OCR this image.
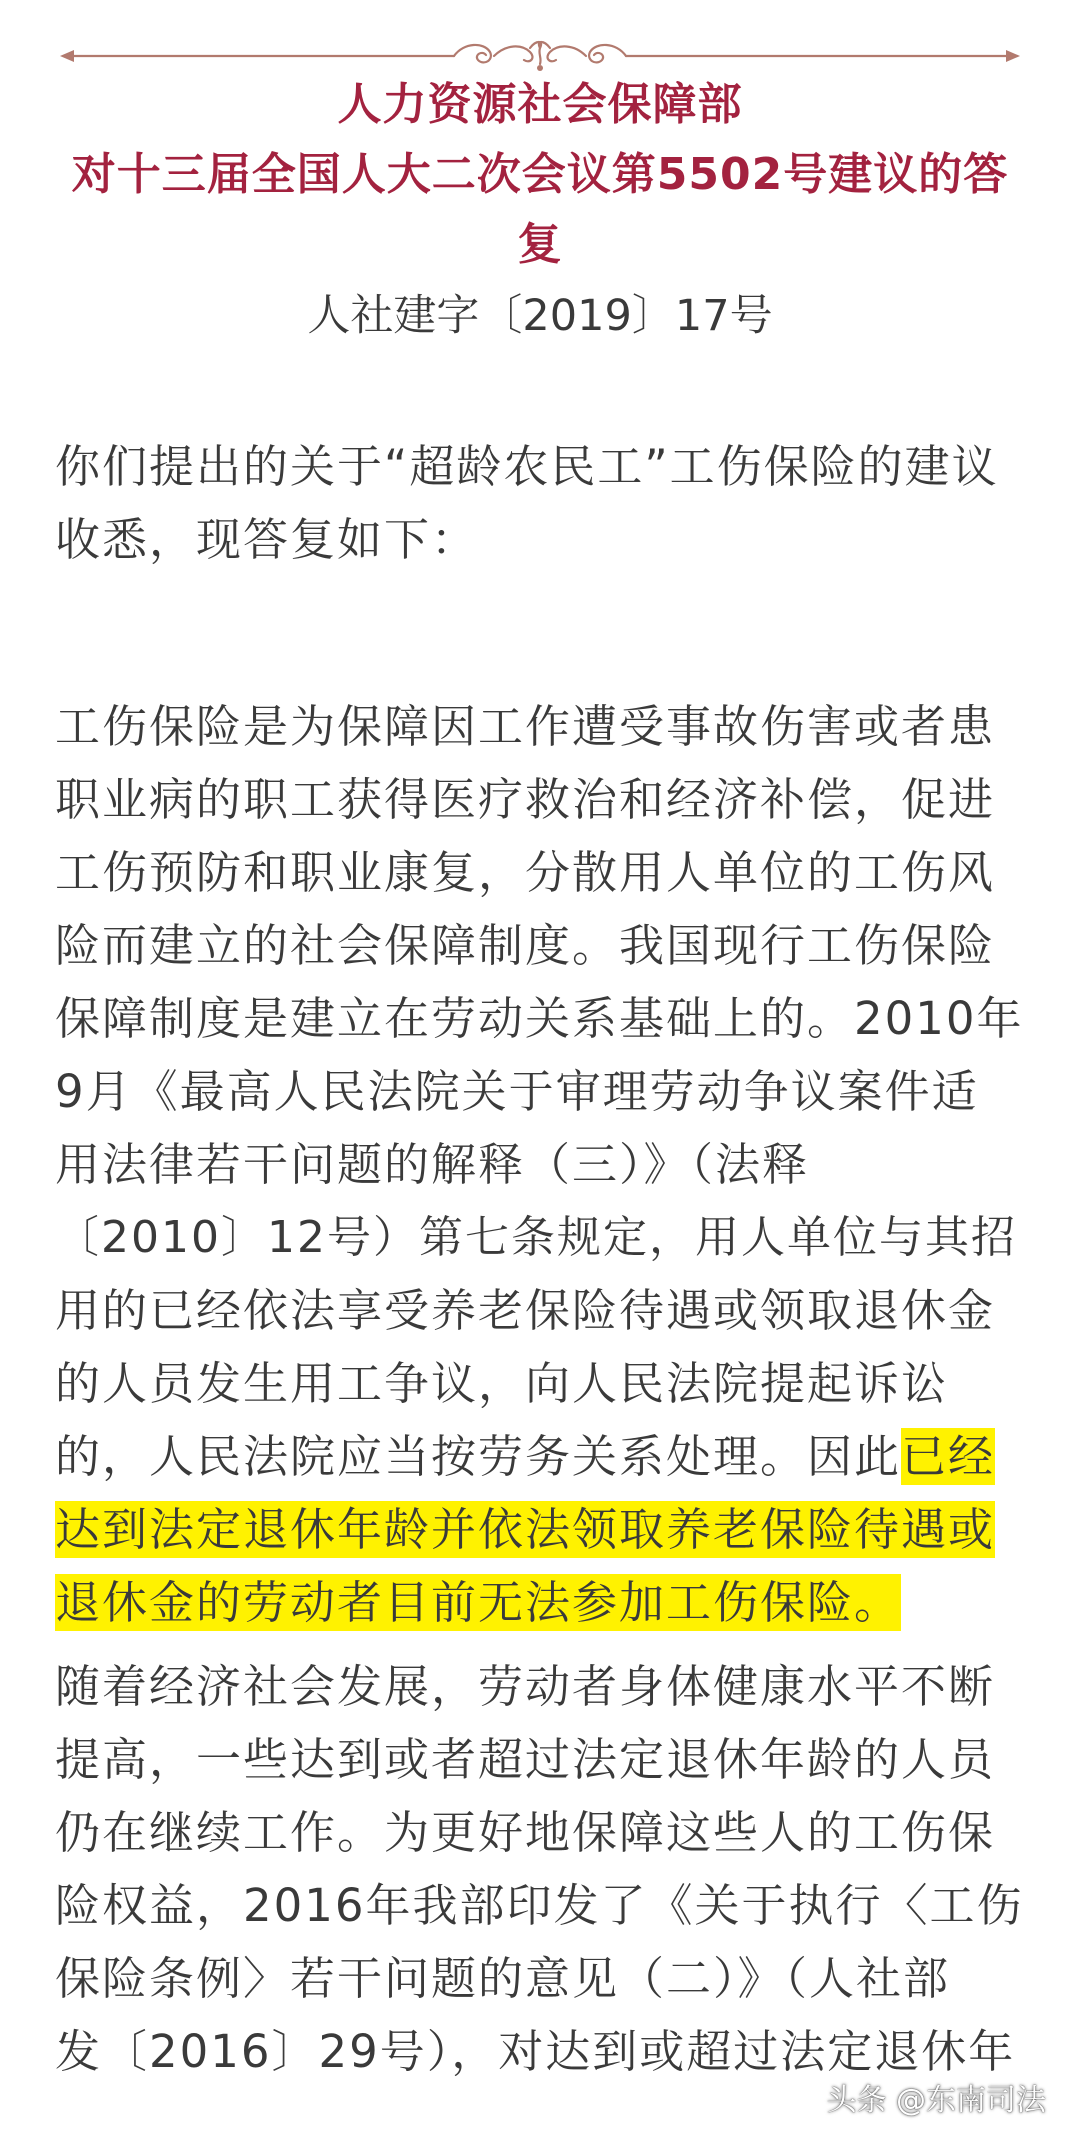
人力资源社会保障部
对十三届全国人大二次会议第5502号建议的答
复
人社建字〔2019〕17号
你们提出的关于“超龄农民工”工伤保险的建议
收悉，现答复如下：
工伤保险是为保障因工作遭受事故伤害或者患
职业病的职工获得医疗救治和经济补偿，促进
工伤预防和职业康复，分散用人单位的工伤风
险而建立的社会保障制度。我国现行工伤保险
保障制度是建立在劳动关系基础上的。2010年
9月《最高人民法院关于审理劳动争议案件适
用法律若干问题的解释（三）》（法释
〔2010〕12号）第七条规定，用人单位与其招
用的已经依法享受养老保险待遇或领取退休金
的人员发生用工争议，向人民法院提起诉讼
的，人民法院应当按劳务关系处理。因此已经
达到法定退休年龄并依法领取养老保险待遇或
退休金的劳动者目前无法参加工伤保险。
随着经济社会发展，劳动者身体健康水平不断
提高，一些达到或者超过法定退休年龄的人员
仍在继续工作。为更好地保障这些人的工伤保
险权益，2016年我部印发了《关于执行〈工伤
保险条例〉若干问题的意见（二）》（人社部
发〔2016〕29号），对达到或超过法定退休年
头条 @东南司法
